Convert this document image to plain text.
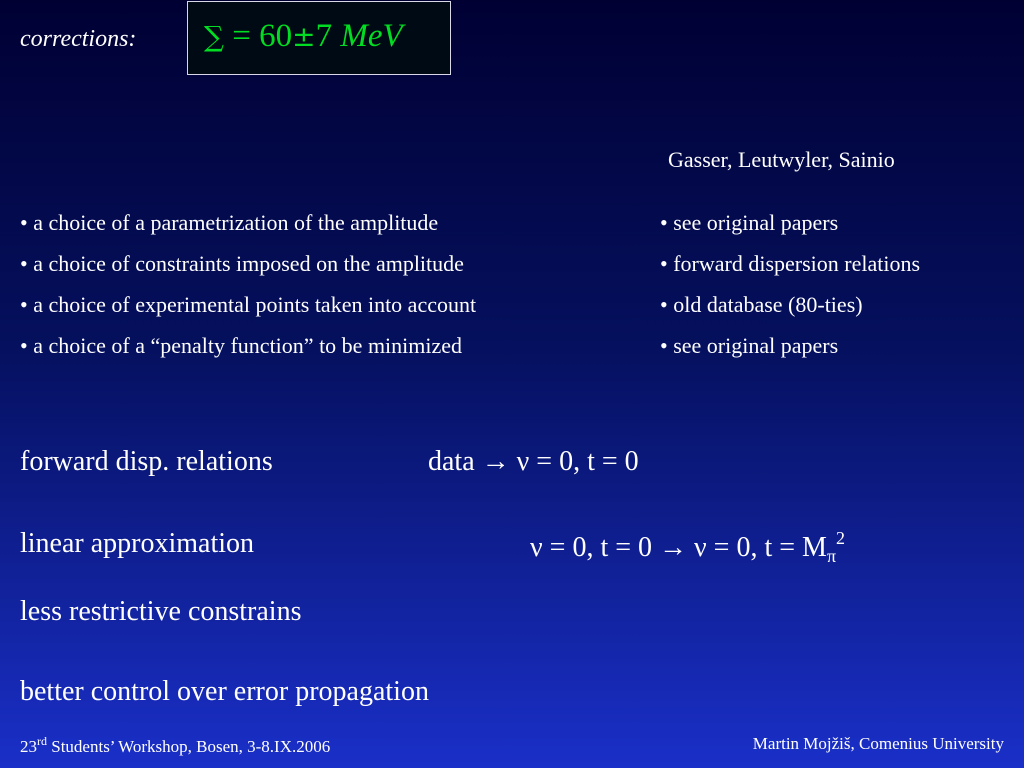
corrections: ∑ = 60±7 MeV
Gasser, Leutwyler, Sainio
• a choice of a parametrization of the amplitude
• a choice of constraints imposed on the amplitude
• a choice of experimental points taken into account
• a choice of a “penalty function” to be minimized
• see original papers
• forward dispersion relations
• old database (80-ties)
• see original papers
forward disp. relations	data → ν = 0, t = 0
linear approximation	ν = 0, t = 0 → ν = 0, $t = M_\pi^2$
less restrictive constrains
better control over error propagation
23rd Students’ Workshop, Bosen, 3-8.IX.2006	Martin Mojžiš, Comenius University
